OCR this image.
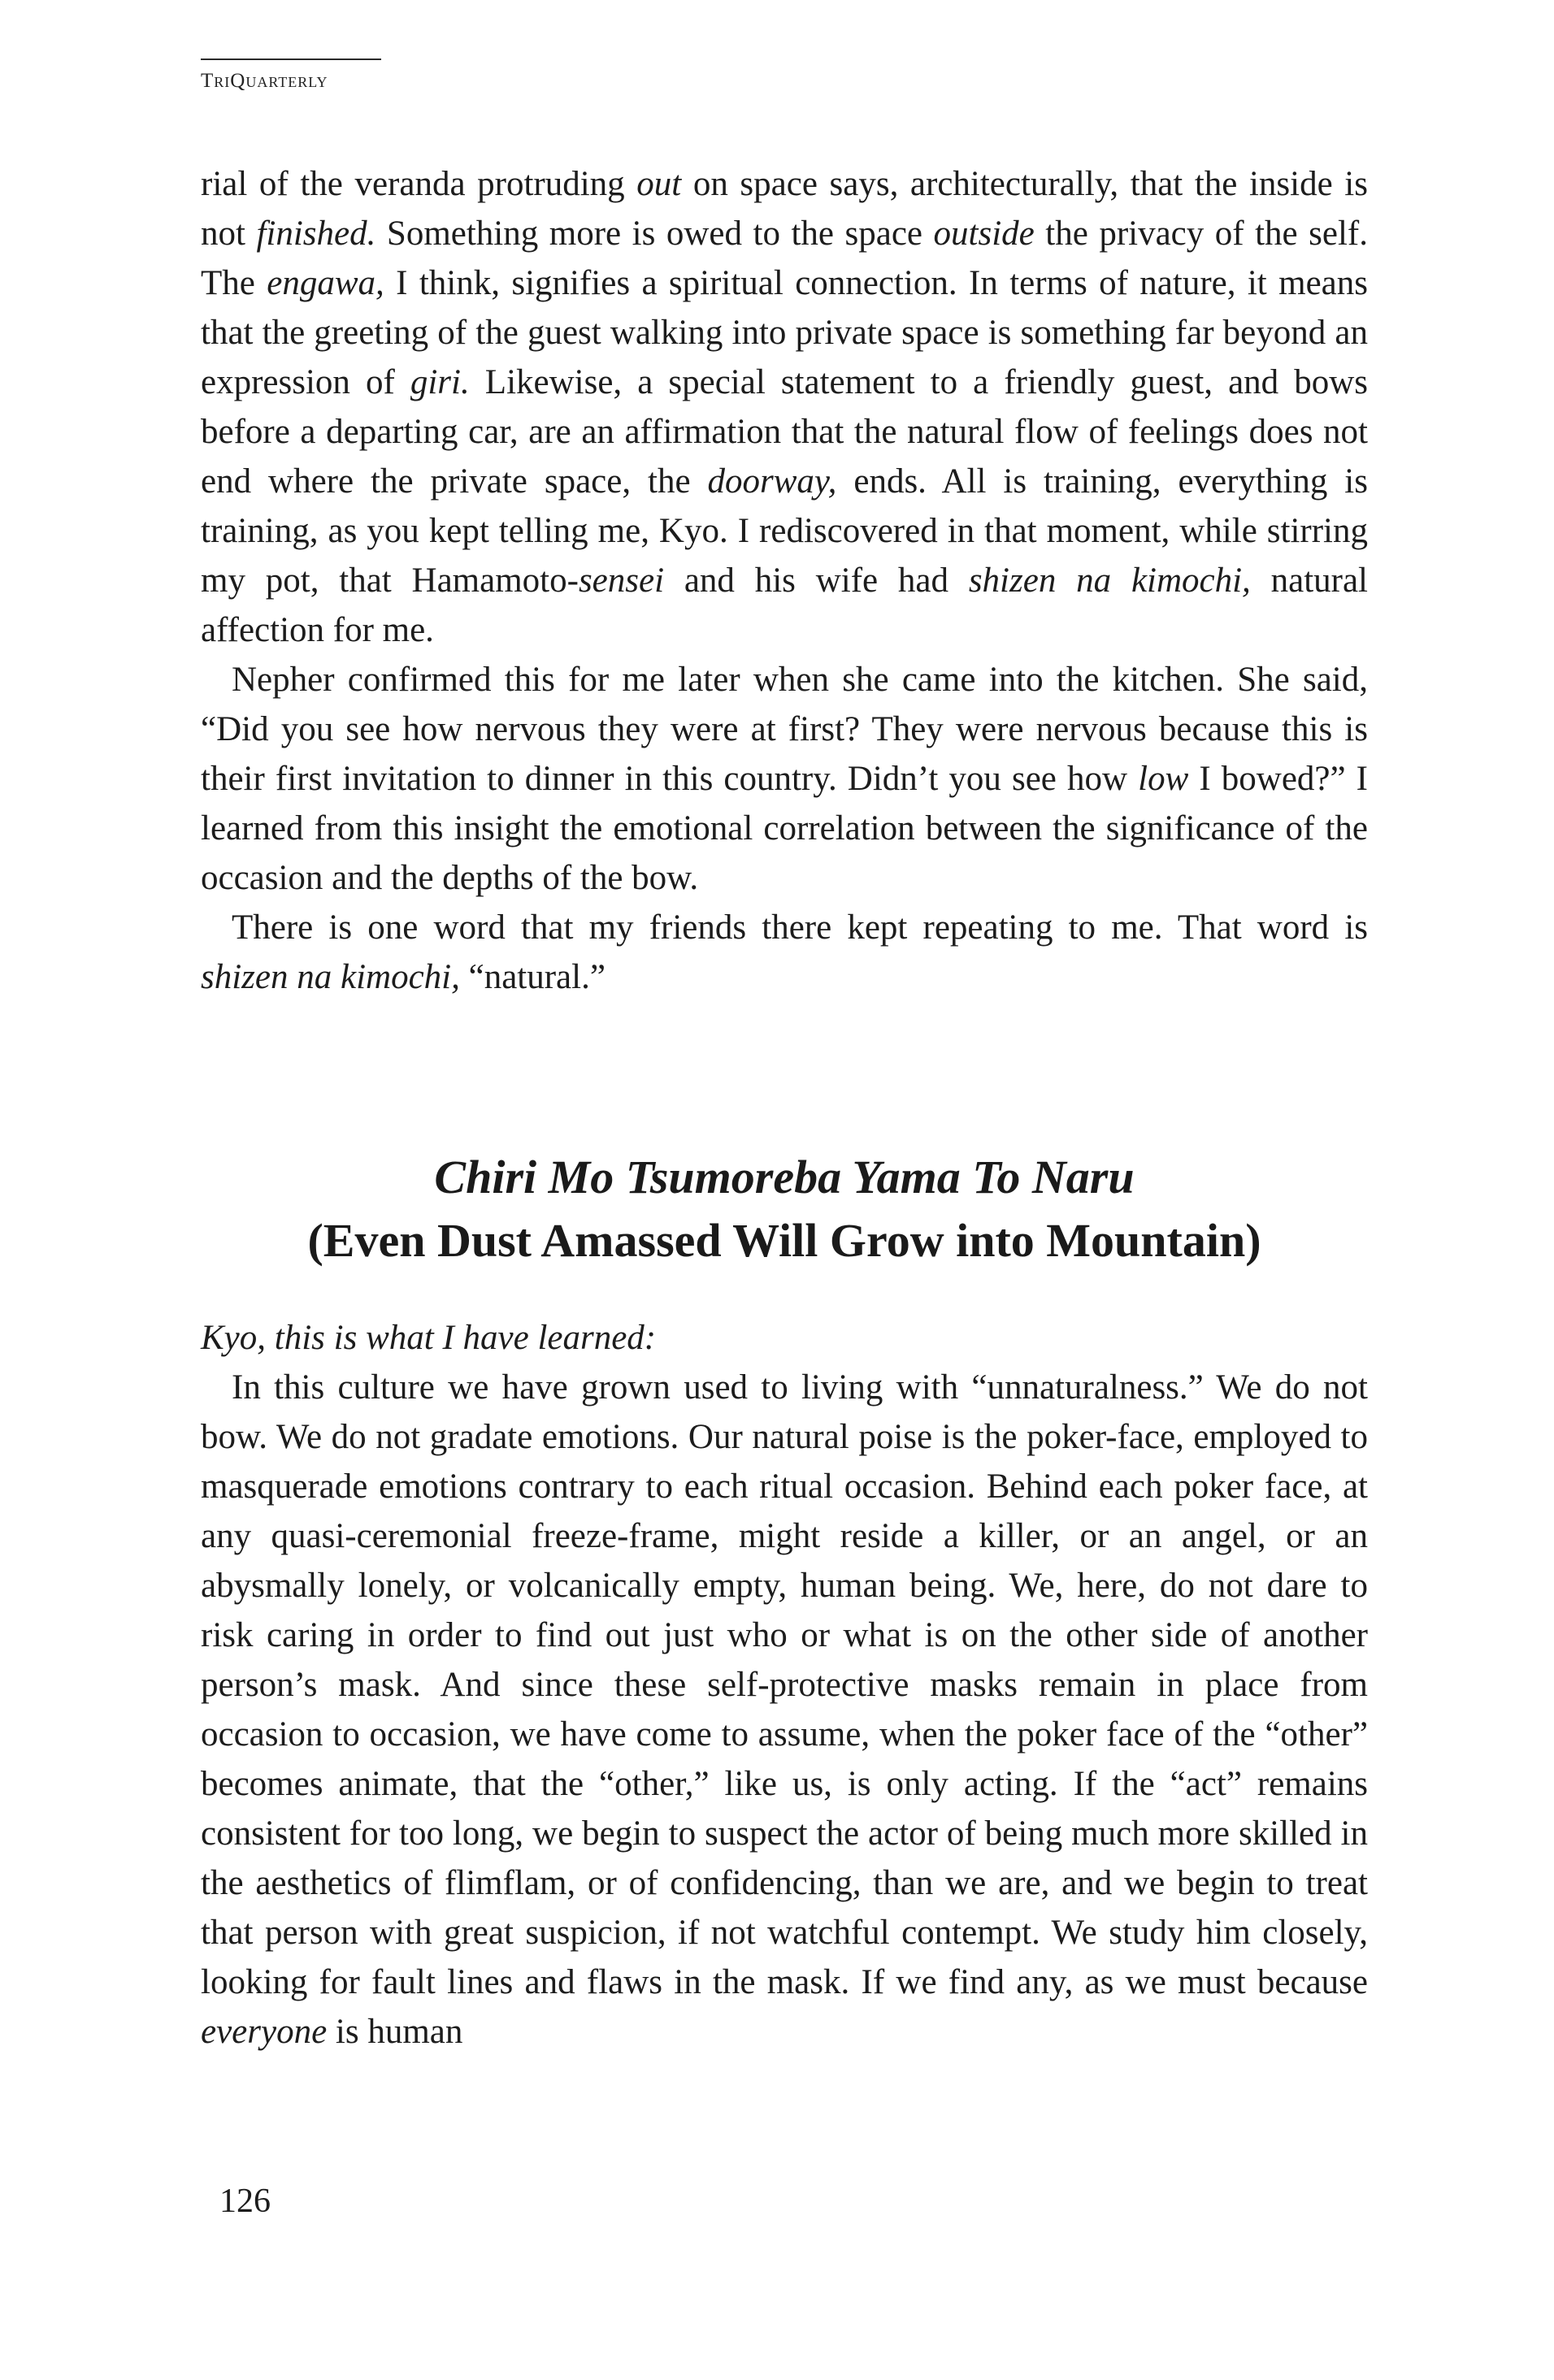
TriQuarterly

rial of the veranda protruding out on space says, architecturally, that the inside is not finished. Something more is owed to the space outside the privacy of the self. The engawa, I think, signifies a spiritual connection. In terms of nature, it means that the greeting of the guest walking into private space is something far beyond an expression of giri. Likewise, a special statement to a friendly guest, and bows before a departing car, are an affirmation that the natural flow of feelings does not end where the private space, the doorway, ends. All is training, everything is training, as you kept telling me, Kyo. I rediscovered in that moment, while stirring my pot, that Hamamoto-sensei and his wife had shizen na kimochi, natural affection for me.

Nepher confirmed this for me later when she came into the kitchen. She said, “Did you see how nervous they were at first? They were nervous because this is their first invitation to dinner in this country. Didn’t you see how low I bowed?” I learned from this insight the emotional correlation between the significance of the occasion and the depths of the bow.

There is one word that my friends there kept repeating to me. That word is shizen na kimochi, “natural.”

Chiri Mo Tsumoreba Yama To Naru
(Even Dust Amassed Will Grow into Mountain)

Kyo, this is what I have learned:

In this culture we have grown used to living with “unnaturalness.” We do not bow. We do not gradate emotions. Our natural poise is the poker-face, employed to masquerade emotions contrary to each ritual occasion. Behind each poker face, at any quasi-ceremonial freeze-frame, might reside a killer, or an angel, or an abysmally lonely, or volcanically empty, human being. We, here, do not dare to risk caring in order to find out just who or what is on the other side of another person’s mask. And since these self-protective masks remain in place from occasion to occasion, we have come to assume, when the poker face of the “other” becomes animate, that the “other,” like us, is only acting. If the “act” remains consistent for too long, we begin to suspect the actor of being much more skilled in the aesthetics of flimflam, or of confidencing, than we are, and we begin to treat that person with great suspicion, if not watchful contempt. We study him closely, looking for fault lines and flaws in the mask. If we find any, as we must because everyone is human

126
